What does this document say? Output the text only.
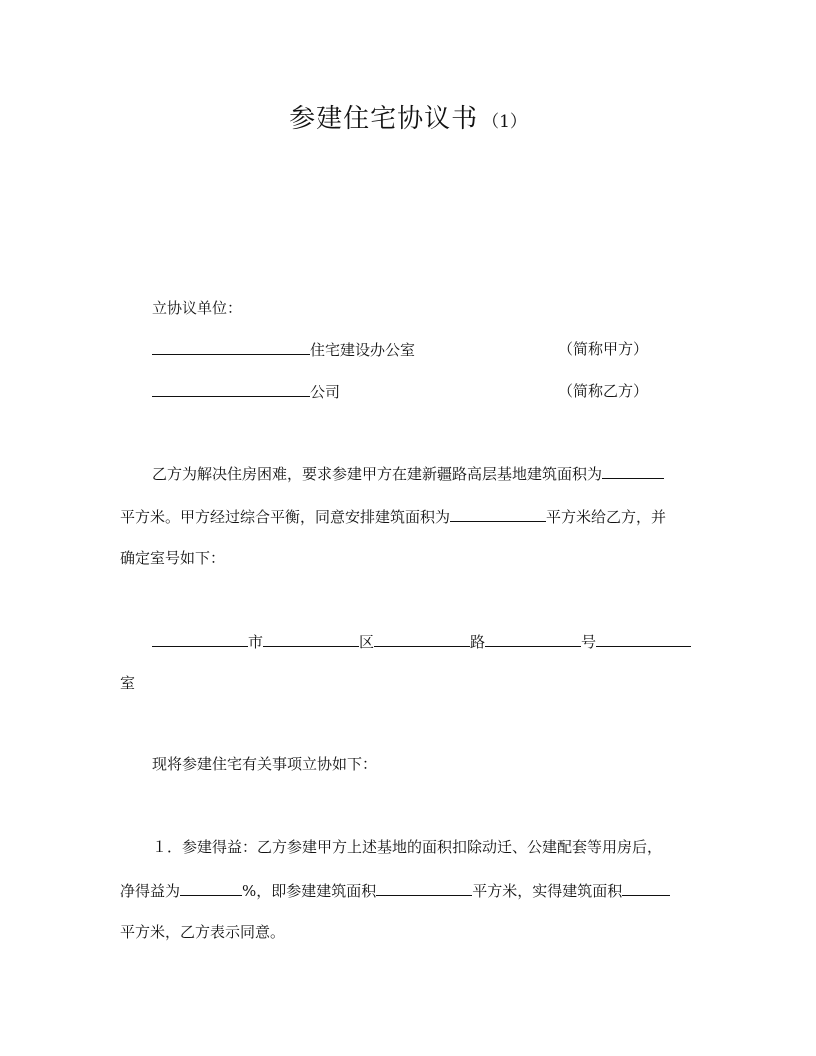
参建住宅协议书 （1）
立协议单位：
住宅建设办公室	（简称甲方）
公司	（简称乙方）
乙方为解决住房困难，要求参建甲方在建新疆路高层基地建筑面积为
平方米。甲方经过综合平衡，同意安排建筑面积为	平方米给乙方，并
确定室号如下：
市	区	路	号
室
现将参建住宅有关事项立协如下：
１．参建得益：乙方参建甲方上述基地的面积扣除动迁、公建配套等用房后，
净得益为	%，即参建建筑面积	平方米，实得建筑面积
平方米，乙方表示同意。
